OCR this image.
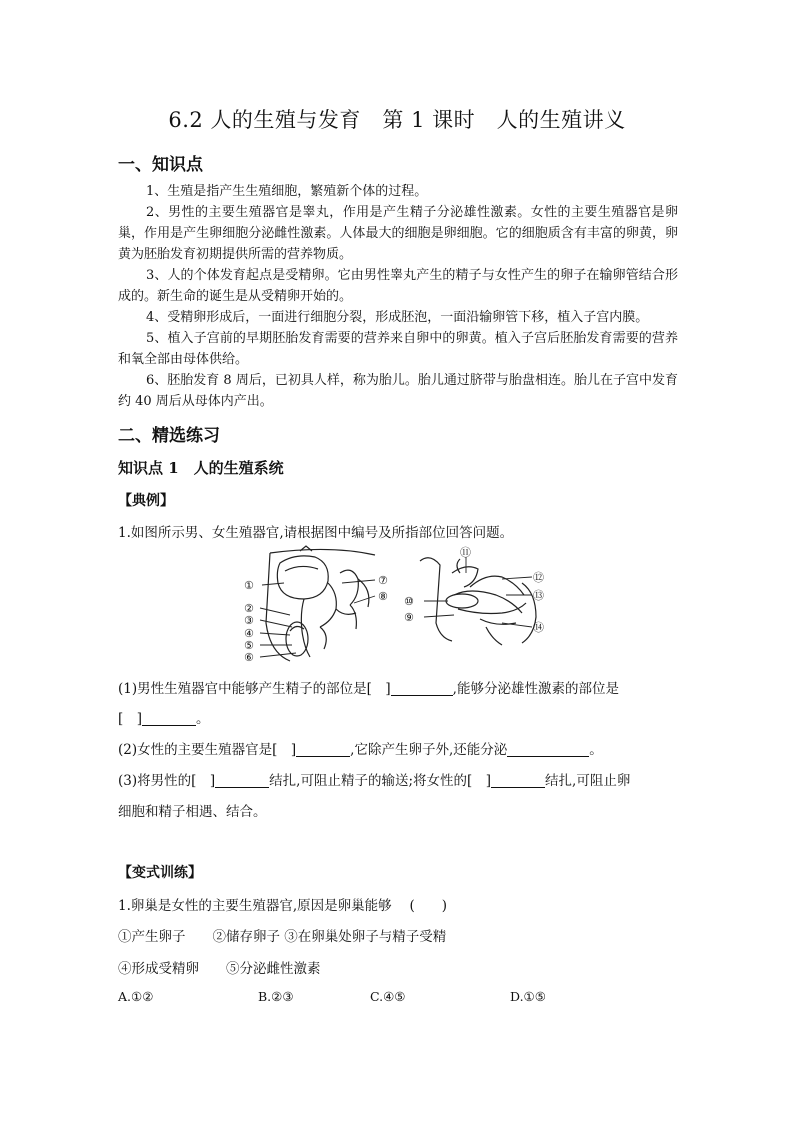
6.2 人的生殖与发育　第 1 课时　人的生殖讲义
一、知识点
1、生殖是指产生生殖细胞，繁殖新个体的过程。
2、男性的主要生殖器官是睾丸，作用是产生精子分泌雄性激素。女性的主要生殖器官是卵巢，作用是产生卵细胞分泌雌性激素。人体最大的细胞是卵细胞。它的细胞质含有丰富的卵黄，卵黄为胚胎发育初期提供所需的营养物质。
3、人的个体发育起点是受精卵。它由男性睾丸产生的精子与女性产生的卵子在输卵管结合形成的。新生命的诞生是从受精卵开始的。
4、受精卵形成后，一面进行细胞分裂，形成胚泡，一面沿输卵管下移，植入子宫内膜。
5、植入子宫前的早期胚胎发育需要的营养来自卵中的卵黄。植入子宫后胚胎发育需要的营养和氧全部由母体供给。
6、胚胎发育 8 周后，已初具人样，称为胎儿。胎儿通过脐带与胎盘相连。胎儿在子宫中发育约 40 周后从母体内产出。
二、精选练习
知识点 1　人的生殖系统
【典例】
1.如图所示男、女生殖器官,请根据图中编号及所指部位回答问题。
①
②
③
④
⑤
⑥
⑦
⑧
⑪
⑫
⑬
⑩
⑨
⑭
(1)男性生殖器官中能够产生精子的部位是[　]	,能够分泌雄性激素的部位是
[　]	。
(2)女性的主要生殖器官是[　]	,它除产生卵子外,还能分泌	。
(3)将男性的[　]	结扎,可阻止精子的输送;将女性的[　]	结扎,可阻止卵
细胞和精子相遇、结合。
【变式训练】
1.卵巢是女性的主要生殖器官,原因是卵巢能够　 (　　)
①产生卵子　　②储存卵子 ③在卵巢处卵子与精子受精
④形成受精卵　　⑤分泌雌性激素
A.①②	B.②③	C.④⑤	D.①⑤
